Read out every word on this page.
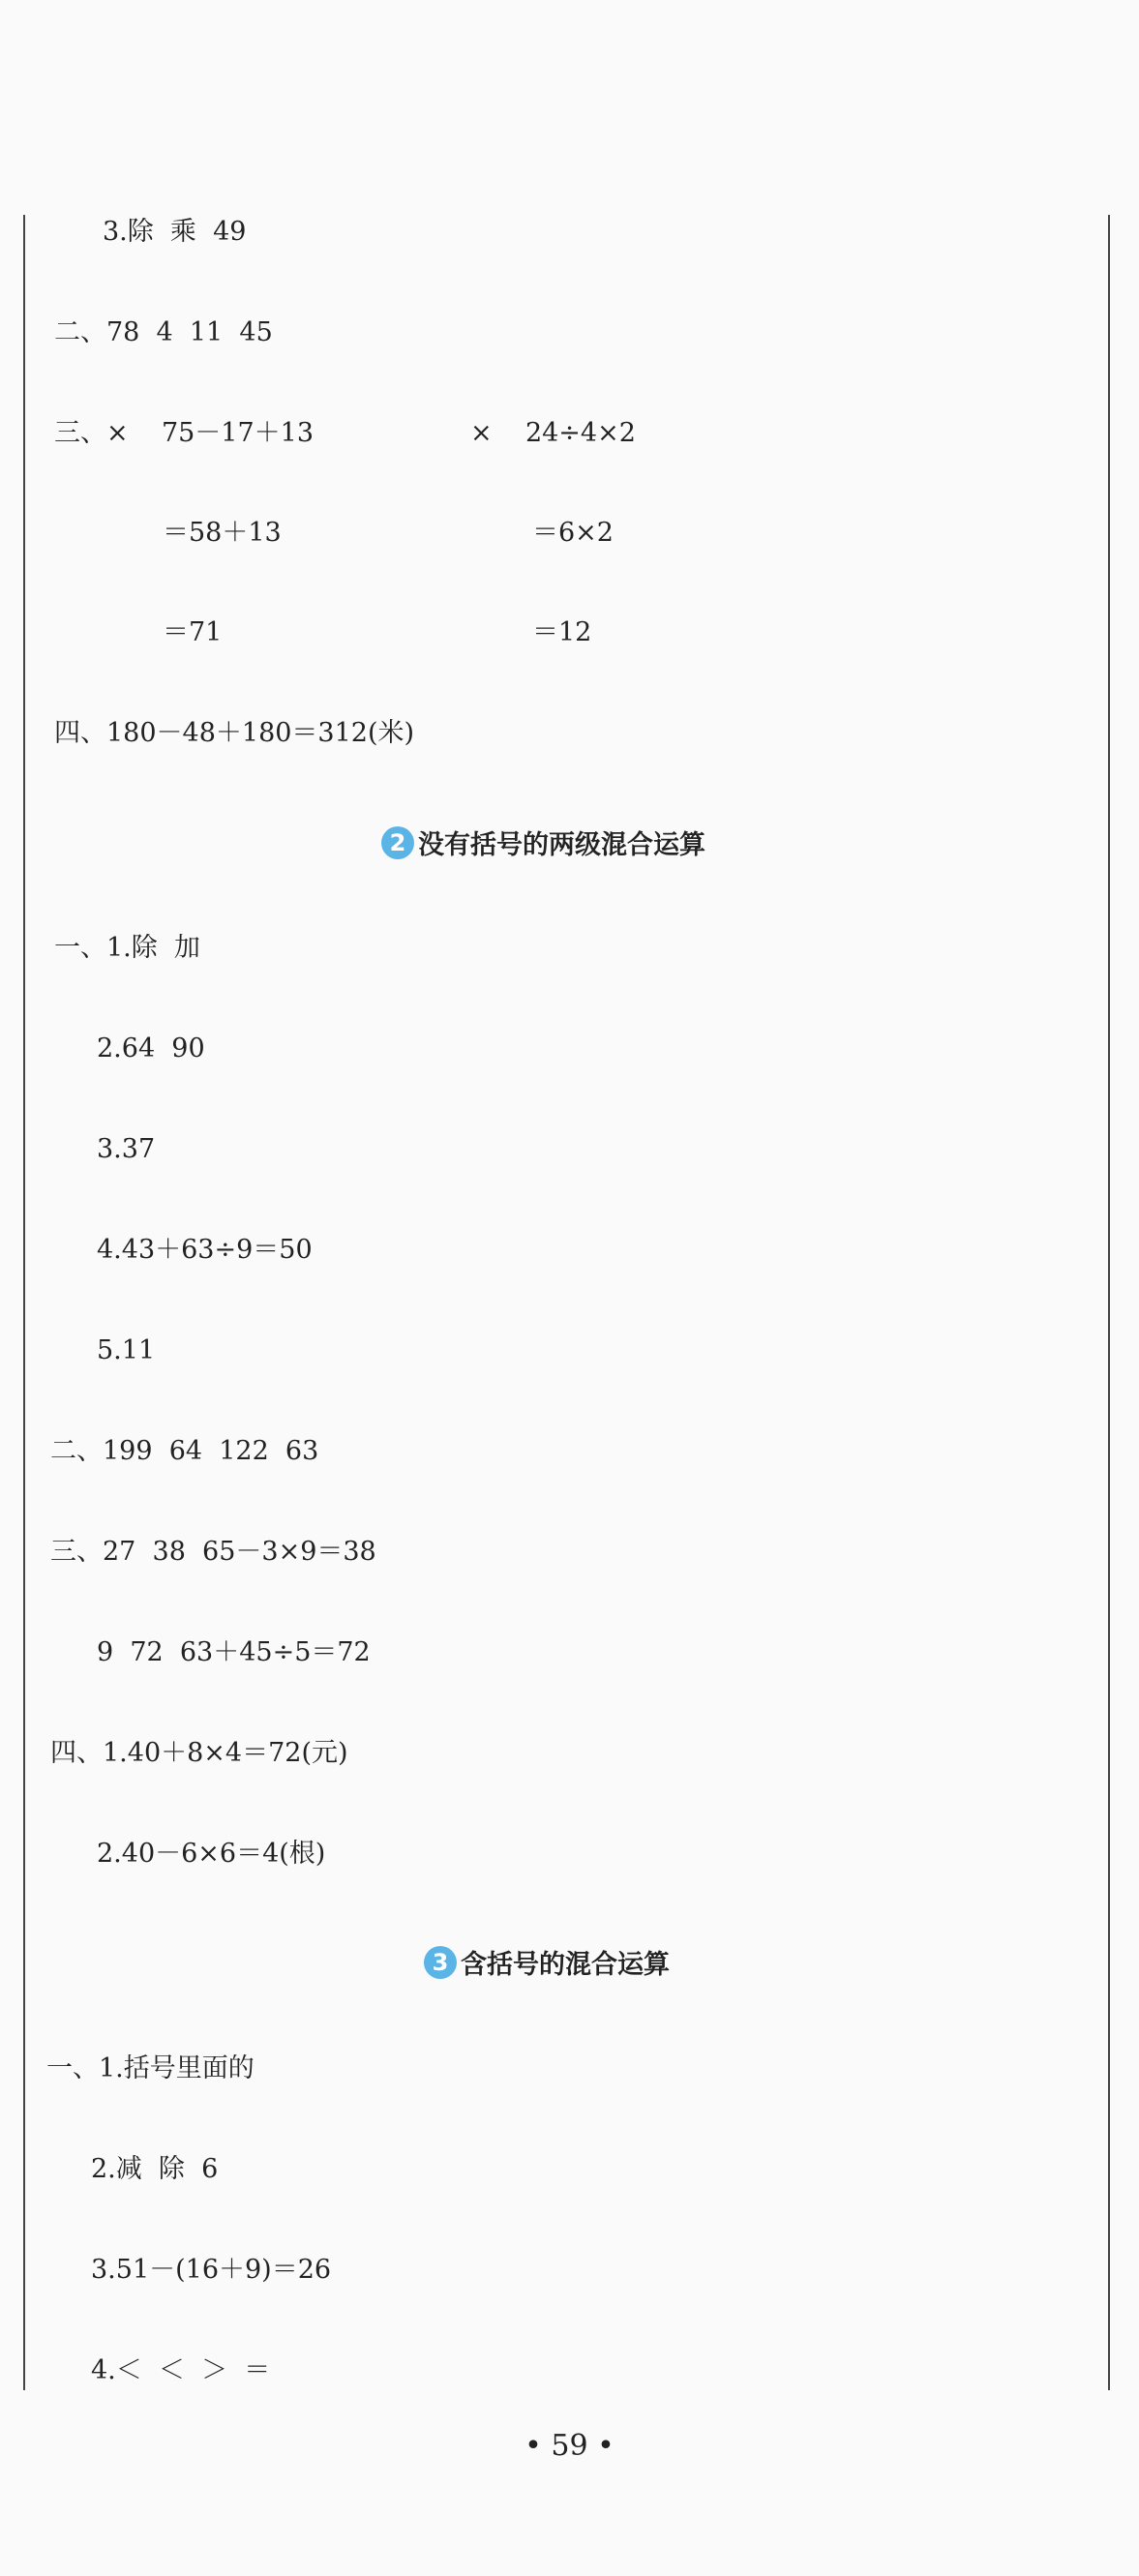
3.除  乘  49
二、78  4  11  45
三、×    75－17＋13	×    24÷4×2
＝58＋13	＝6×2
＝71	＝12
四、180－48＋180＝312(米)
2 没有括号的两级混合运算
一、1.除  加
2.64  90
3.37
4.43＋63÷9＝50
5.11
二、199  64  122  63
三、27  38  65－3×9＝38
9  72  63＋45÷5＝72
四、1.40＋8×4＝72(元)
2.40－6×6＝4(根)
3 含括号的混合运算
一、1.括号里面的
2.减  除  6
3.51－(16＋9)＝26
4.＜  ＜  ＞  ＝
• 59 •
